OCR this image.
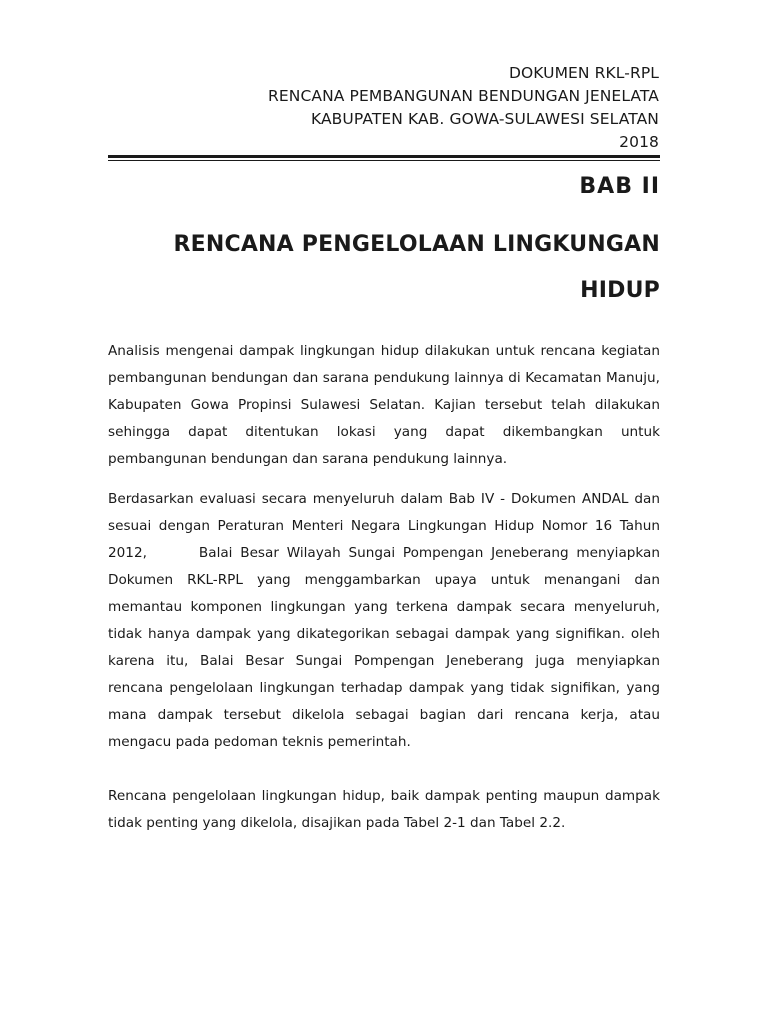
DOKUMEN RKL-RPL
RENCANA PEMBANGUNAN BENDUNGAN JENELATA
KABUPATEN KAB. GOWA-SULAWESI SELATAN
2018
BAB II
RENCANA PENGELOLAAN LINGKUNGAN
HIDUP

Analisis mengenai dampak lingkungan hidup dilakukan untuk rencana kegiatan pembangunan bendungan dan sarana pendukung lainnya di Kecamatan Manuju, Kabupaten Gowa Propinsi Sulawesi Selatan. Kajian tersebut telah dilakukan sehingga dapat ditentukan lokasi yang dapat dikembangkan untuk pembangunan bendungan dan sarana pendukung lainnya.

Berdasarkan evaluasi secara menyeluruh dalam Bab IV - Dokumen ANDAL dan sesuai dengan Peraturan Menteri Negara Lingkungan Hidup Nomor 16 Tahun 2012,	Balai Besar Wilayah Sungai Pompengan Jeneberang menyiapkan Dokumen RKL-RPL yang menggambarkan upaya untuk menangani dan memantau komponen lingkungan yang terkena dampak secara menyeluruh, tidak hanya dampak yang dikategorikan sebagai dampak yang signifikan. oleh karena itu, Balai Besar Sungai Pompengan Jeneberang juga menyiapkan rencana pengelolaan lingkungan terhadap dampak yang tidak signifikan, yang mana dampak tersebut dikelola sebagai bagian dari rencana kerja, atau mengacu pada pedoman teknis pemerintah.

Rencana pengelolaan lingkungan hidup, baik dampak penting maupun dampak tidak penting yang dikelola, disajikan pada Tabel 2-1 dan Tabel 2.2.
